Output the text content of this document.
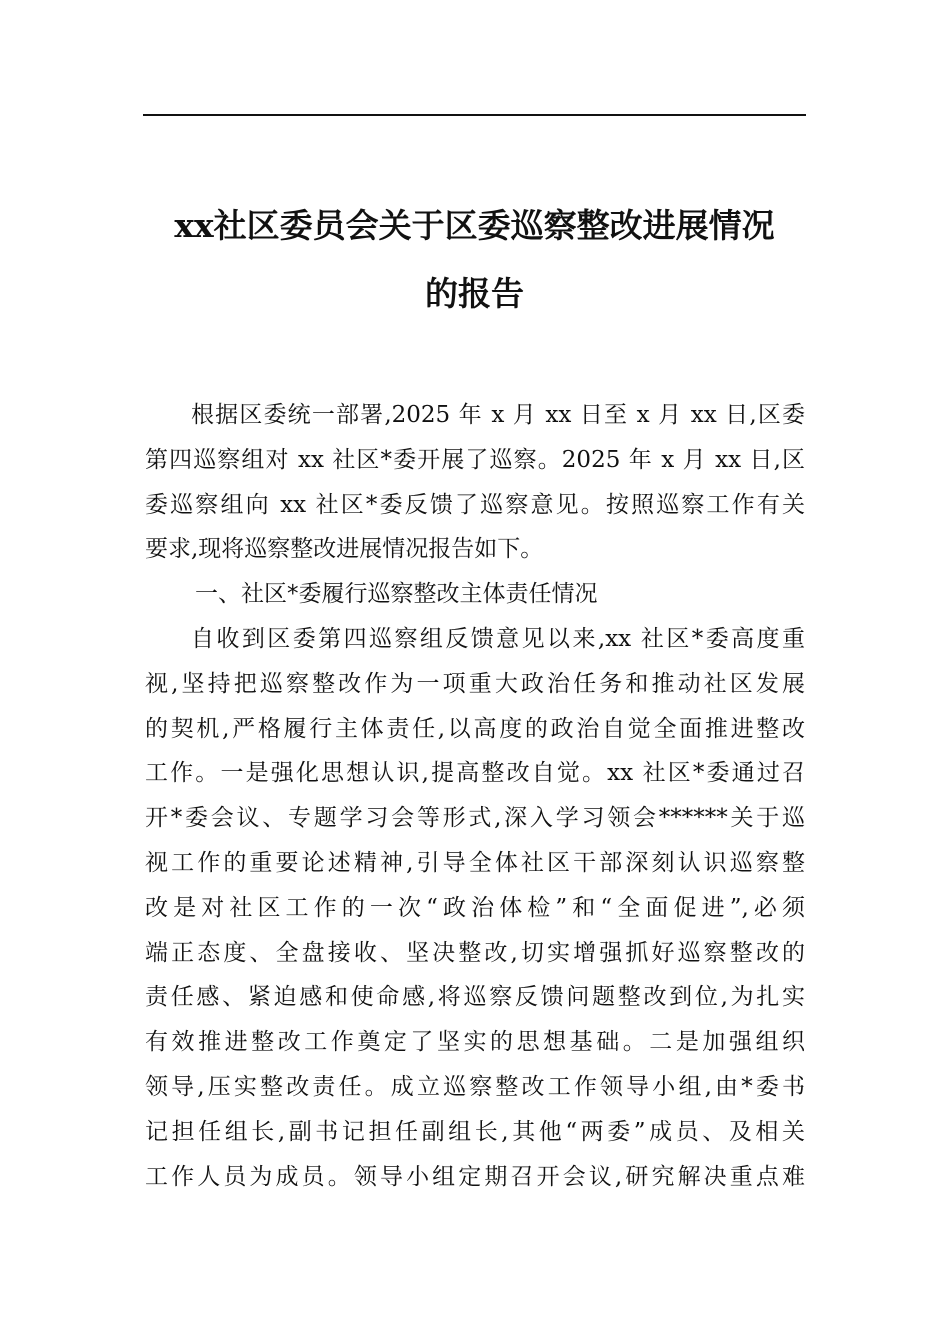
xx社区委员会关于区委巡察整改进展情况
的报告
根据区委统一部署,2025 年 x 月 xx 日至 x 月 xx 日,区委
第四巡察组对 xx 社区*委开展了巡察。2025 年 x 月 xx 日,区
委巡察组向 xx 社区*委反馈了巡察意见。按照巡察工作有关
要求,现将巡察整改进展情况报告如下。
一、社区*委履行巡察整改主体责任情况
自收到区委第四巡察组反馈意见以来,xx 社区*委高度重
视,坚持把巡察整改作为一项重大政治任务和推动社区发展
的契机,严格履行主体责任,以高度的政治自觉全面推进整改
工作。一是强化思想认识,提高整改自觉。xx 社区*委通过召
开*委会议、专题学习会等形式,深入学习领会******关于巡
视工作的重要论述精神,引导全体社区干部深刻认识巡察整
改是对社区工作的一次“政治体检”和“全面促进”,必须
端正态度、全盘接收、坚决整改,切实增强抓好巡察整改的
责任感、紧迫感和使命感,将巡察反馈问题整改到位,为扎实
有效推进整改工作奠定了坚实的思想基础。二是加强组织
领导,压实整改责任。成立巡察整改工作领导小组,由*委书
记担任组长,副书记担任副组长,其他“两委”成员、及相关
工作人员为成员。领导小组定期召开会议,研究解决重点难
